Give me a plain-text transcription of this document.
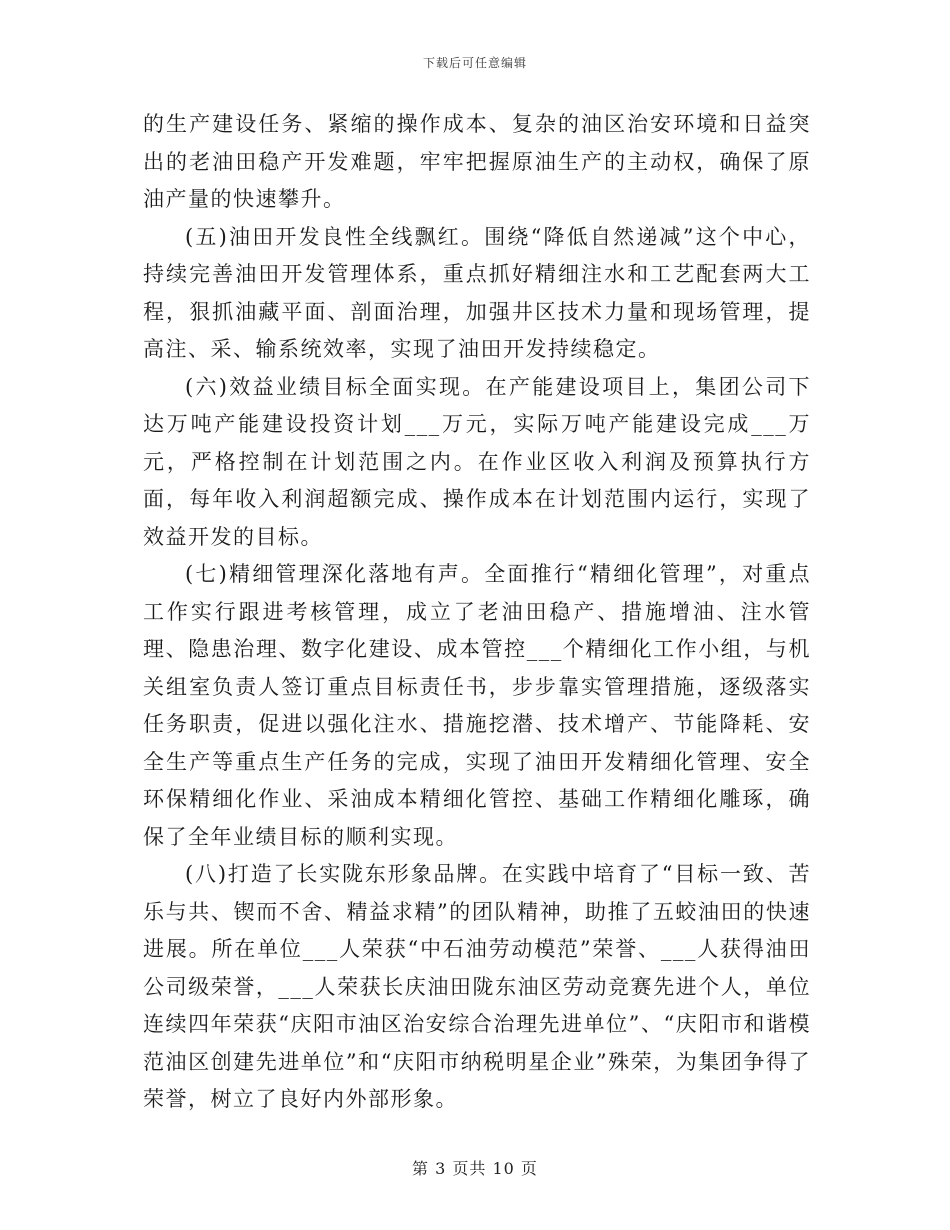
下载后可任意编辑

的生产建设任务、紧缩的操作成本、复杂的油区治安环境和日益突出的老油田稳产开发难题，牢牢把握原油生产的主动权，确保了原油产量的快速攀升。

(五)油田开发良性全线飘红。围绕“降低自然递减”这个中心，持续完善油田开发管理体系，重点抓好精细注水和工艺配套两大工程，狠抓油藏平面、剖面治理，加强井区技术力量和现场管理，提高注、采、输系统效率，实现了油田开发持续稳定。

(六)效益业绩目标全面实现。在产能建设项目上，集团公司下达万吨产能建设投资计划___万元，实际万吨产能建设完成___万元，严格控制在计划范围之内。在作业区收入利润及预算执行方面，每年收入利润超额完成、操作成本在计划范围内运行，实现了效益开发的目标。

(七)精细管理深化落地有声。全面推行“精细化管理”，对重点工作实行跟进考核管理，成立了老油田稳产、措施增油、注水管理、隐患治理、数字化建设、成本管控___个精细化工作小组，与机关组室负责人签订重点目标责任书，步步靠实管理措施，逐级落实任务职责，促进以强化注水、措施挖潜、技术增产、节能降耗、安全生产等重点生产任务的完成，实现了油田开发精细化管理、安全环保精细化作业、采油成本精细化管控、基础工作精细化雕琢，确保了全年业绩目标的顺利实现。

(八)打造了长实陇东形象品牌。在实践中培育了“目标一致、苦乐与共、锲而不舍、精益求精”的团队精神，助推了五蛟油田的快速进展。所在单位___人荣获“中石油劳动模范”荣誉、___人获得油田公司级荣誉，___人荣获长庆油田陇东油区劳动竞赛先进个人，单位连续四年荣获“庆阳市油区治安综合治理先进单位”、“庆阳市和谐模范油区创建先进单位”和“庆阳市纳税明星企业”殊荣，为集团争得了荣誉，树立了良好内外部形象。

第 3 页共 10 页
